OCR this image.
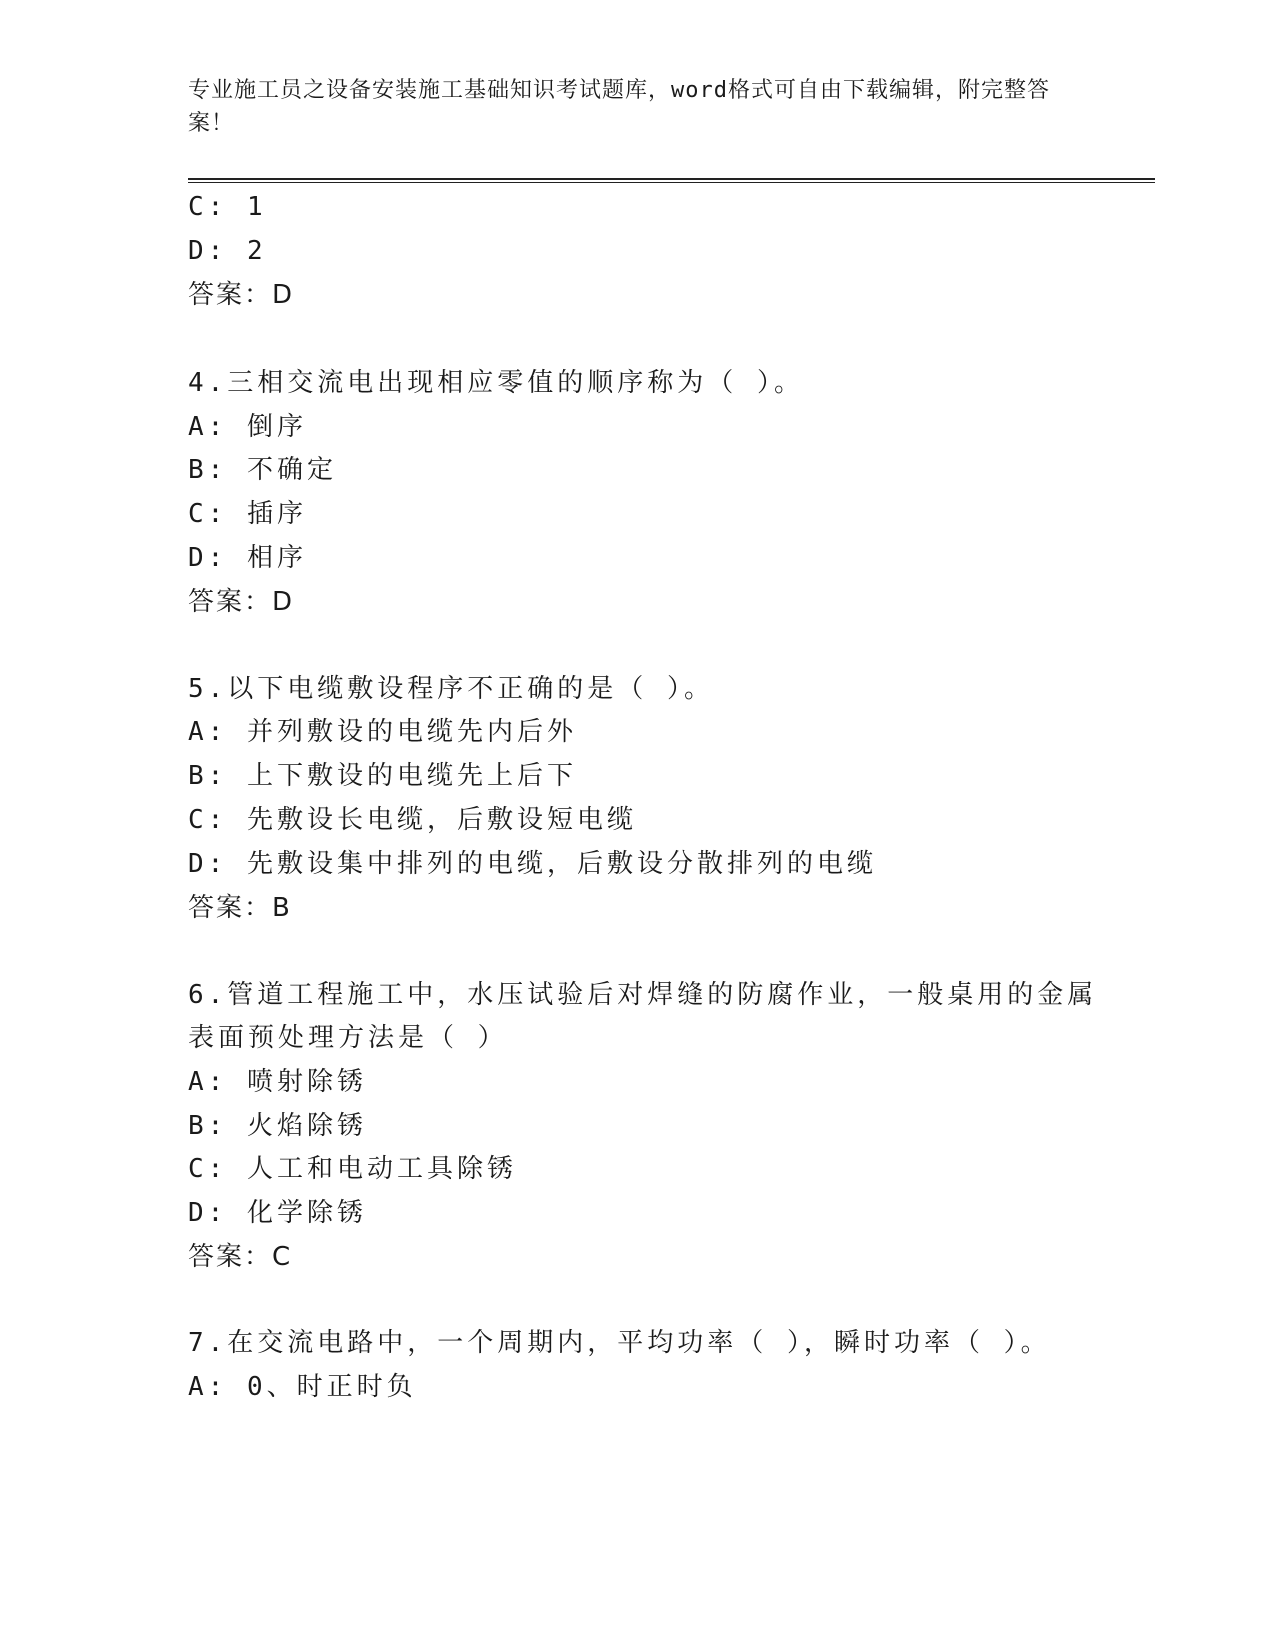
专业施工员之设备安装施工基础知识考试题库，word格式可自由下载编辑，附完整答案！
C: 1
D: 2
答案：D
4.三相交流电出现相应零值的顺序称为（ ）。
A: 倒序
B: 不确定
C: 插序
D: 相序
答案：D
5.以下电缆敷设程序不正确的是（ ）。
A: 并列敷设的电缆先内后外
B: 上下敷设的电缆先上后下
C: 先敷设长电缆，后敷设短电缆
D: 先敷设集中排列的电缆，后敷设分散排列的电缆
答案：B
6.管道工程施工中，水压试验后对焊缝的防腐作业，一般桌用的金属
表面预处理方法是（ ）
A: 喷射除锈
B: 火焰除锈
C: 人工和电动工具除锈
D: 化学除锈
答案：C
7.在交流电路中，一个周期内，平均功率（ ），瞬时功率（ ）。
A: 0、时正时负
